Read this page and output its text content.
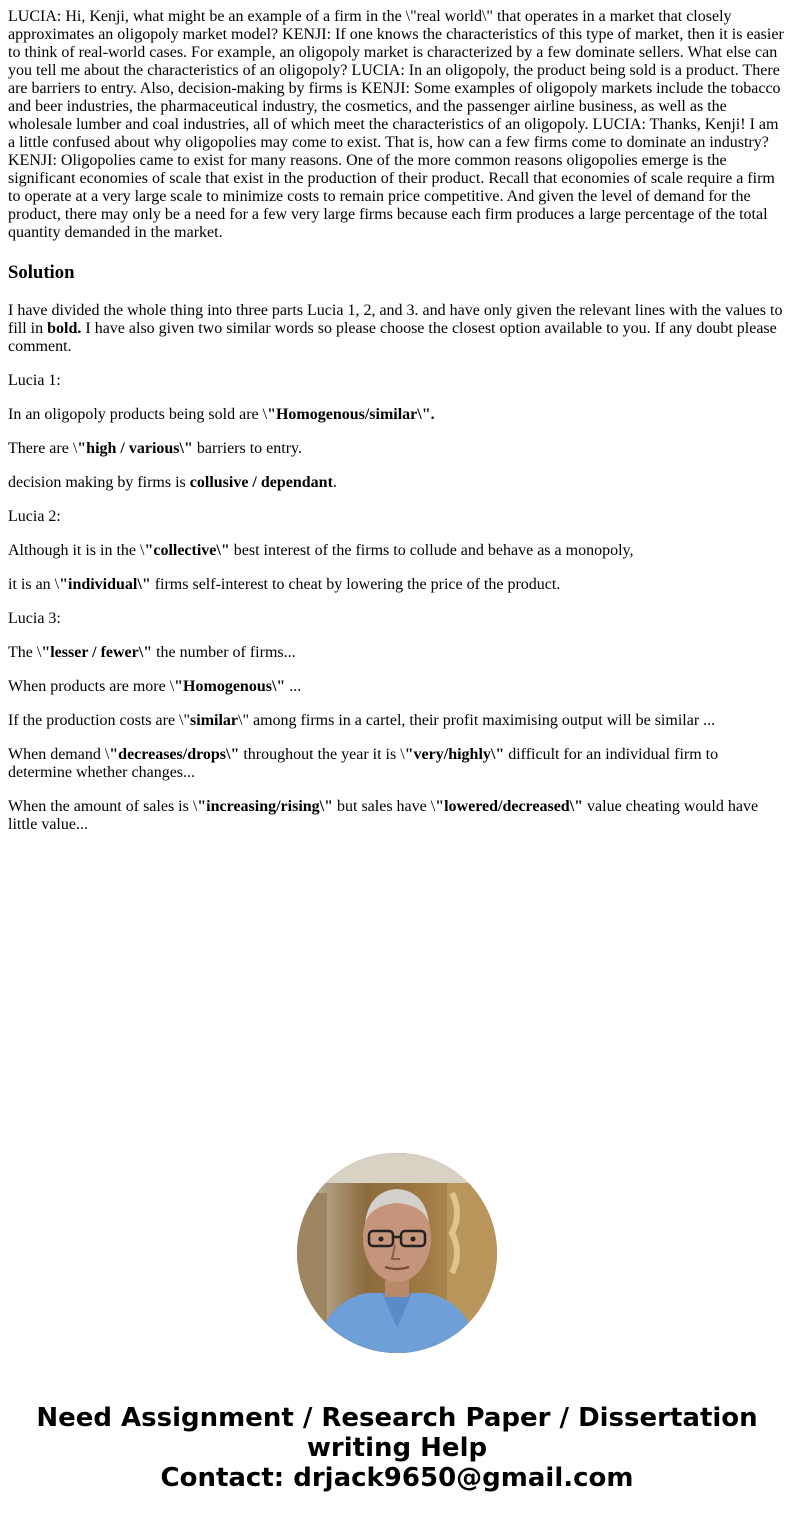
LUCIA: Hi, Kenji, what might be an example of a firm in the \"real world\" that operates in a market that closely approximates an oligopoly market model? KENJI: If one knows the characteristics of this type of market, then it is easier to think of real-world cases. For example, an oligopoly market is characterized by a few dominate sellers. What else can you tell me about the characteristics of an oligopoly? LUCIA: In an oligopoly, the product being sold is a product. There are barriers to entry. Also, decision-making by firms is KENJI: Some examples of oligopoly markets include the tobacco and beer industries, the pharmaceutical industry, the cosmetics, and the passenger airline business, as well as the wholesale lumber and coal industries, all of which meet the characteristics of an oligopoly. LUCIA: Thanks, Kenji! I am a little confused about why oligopolies may come to exist. That is, how can a few firms come to dominate an industry? KENJI: Oligopolies came to exist for many reasons. One of the more common reasons oligopolies emerge is the significant economies of scale that exist in the production of their product. Recall that economies of scale require a firm to operate at a very large scale to minimize costs to remain price competitive. And given the level of demand for the product, there may only be a need for a few very large firms because each firm produces a large percentage of the total quantity demanded in the market.

Solution

I have divided the whole thing into three parts Lucia 1, 2, and 3. and have only given the relevant lines with the values to fill in bold. I have also given two similar words so please choose the closest option available to you. If any doubt please comment.

Lucia 1:

In an oligopoly products being sold are \"Homogenous/similar\".

There are \"high / various\" barriers to entry.

decision making by firms is collusive / dependant.

Lucia 2:

Although it is in the \"collective\" best interest of the firms to collude and behave as a monopoly,

it is an \"individual\" firms self-interest to cheat by lowering the price of the product.

Lucia 3:

The \"lesser / fewer\" the number of firms...

When products are more \"Homogenous\" ...

If the production costs are \"similar\" among firms in a cartel, their profit maximising output will be similar ...

When demand \"decreases/drops\" throughout the year it is \"very/highly\" difficult for an individual firm to determine whether changes...

When the amount of sales is \"increasing/rising\" but sales have \"lowered/decreased\" value cheating would have little value...

Need Assignment / Research Paper / Dissertation
writing Help
Contact: drjack9650@gmail.com
